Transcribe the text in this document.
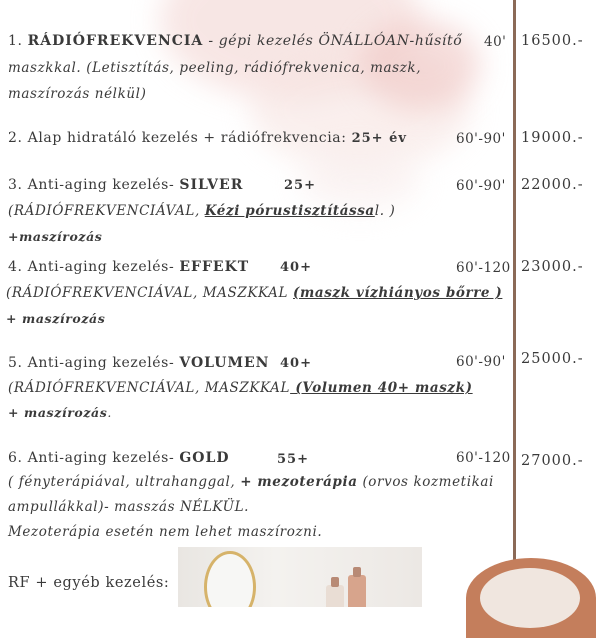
1. RÁDIÓFREKVENCIA - gépi kezelés ÖNÁLLÓAN-hűsítő 40' 16500.-
maszkkal. (Letisztítás, peeling, rádiófrekvenica, maszk,
maszírozás nélkül)
2. Alap hidratáló kezelés + rádiófrekvencia: 25+ év	60'-90' 19000.-
3. Anti-aging kezelés- SILVER	25+	60'-90' 22000.-
(RÁDIÓFREKVENCIÁVAL, Kézi pórustisztítással. )
+maszírozás
4. Anti-aging kezelés- EFFEKT 40+	60'-120 23000.-
(RÁDIÓFREKVENCIÁVAL, MASZKKAL (maszk vízhiányos bőrre )
+ maszírozás
5. Anti-aging kezelés- VOLUMEN 40+	60'-90' 25000.-
(RÁDIÓFREKVENCIÁVAL, MASZKKAL (Volumen 40+ maszk)
+ maszírozás.
6. Anti-aging kezelés- GOLD	55+	60'-120 27000.-
( fényterápiával, ultrahanggal, + mezoterápia (orvos kozmetikai
ampullákkal)- masszás NÉLKÜL.
Mezoterápia esetén nem lehet maszírozni.
RF + egyéb kezelés:
